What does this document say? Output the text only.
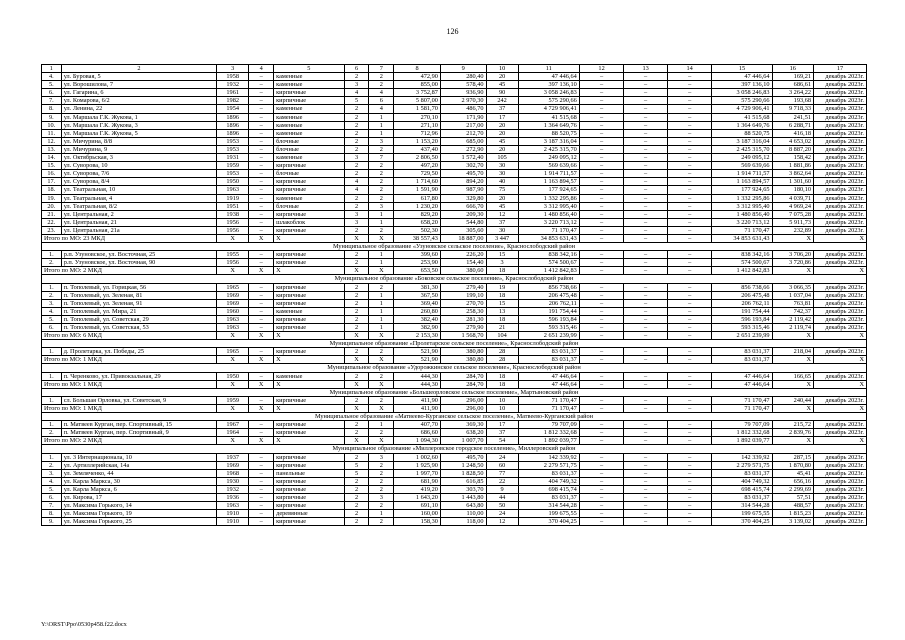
126
1	2	3	4	5	6	7	8	9	10	11	12	13	14	15	16	17
4.	ул. Буровая, 5	1958	–	каменные	2	2	472,90	280,40	20	47 446,64	–	–	–	47 446,64	169,21	декабрь 2023г.
5.	ул. Ворошилова, 7	1932	–	каменные	3	2	855,00	578,40	45	397 136,10	–	–	–	397 136,10	686,61	декабрь 2023г.
6.	ул. Гагарина, 6	1961	–	кирпичные	4	4	3 752,87	936,90	90	3 058 246,83	–	–	–	3 058 246,83	3 264,22	декабрь 2023г.
7.	ул. Комарова, 6/2	1982	–	кирпичные	5	6	5 807,00	2 970,30	242	575 290,66	–	–	–	575 290,66	193,68	декабрь 2023г.
8.	ул. Ленина, 22	1954	–	каменные	2	4	1 581,70	486,70	37	4 729 906,41	–	–	–	4 729 906,41	9 718,33	декабрь 2023г.
9.	ул. Маршала Г.К. Жукова, 1	1896	–	каменные	2	1	270,10	171,90	17	41 515,68	–	–	–	41 515,68	241,51	декабрь 2023г.
10.	ул. Маршала Г.К. Жукова, 3	1896	–	каменные	2	1	271,10	217,00	20	1 364 649,76	–	–	–	1 364 649,76	6 288,71	декабрь 2023г.
11.	ул. Маршала Г.К. Жукова, 5	1896	–	каменные	2	1	712,96	212,70	20	88 520,75	–	–	–	88 520,75	416,18	декабрь 2023г.
12.	ул. Мичурина, 8/8	1953	–	блочные	2	3	1 153,20	685,00	45	3 187 316,04	–	–	–	3 187 316,04	4 653,02	декабрь 2023г.
13.	ул. Мичурина, 9	1953	–	блочные	2	2	437,40	272,90	20	2 425 315,70	–	–	–	2 425 315,70	8 887,20	декабрь 2023г.
14.	ул. Октябрьская, 3	1931	–	каменные	3	7	2 806,50	1 572,40	105	249 095,12	–	–	–	249 095,12	158,42	декабрь 2023г.
15.	ул. Суворова, 10	1959	–	кирпичные	2	2	497,20	302,70	30	569 639,66	–	–	–	569 639,66	1 881,86	декабрь 2023г.
16.	ул. Суворова, 7/6	1953	–	блочные	2	2	729,50	495,70	30	1 914 711,57	–	–	–	1 914 711,57	3 862,64	декабрь 2023г.
17.	ул. Суворова, 8/4	1950	–	кирпичные	4	2	1 714,60	894,20	40	1 163 894,57	–	–	–	1 163 894,57	1 301,60	декабрь 2023г.
18.	ул. Театральная, 10	1963	–	кирпичные	4	2	1 591,90	987,90	75	177 924,65	–	–	–	177 924,65	180,10	декабрь 2023г.
19.	ул. Театральная, 4	1919	–	каменные	2	2	617,80	329,80	20	1 332 295,86	–	–	–	1 332 295,86	4 039,71	декабрь 2023г.
20.	ул. Театральная, 8/2	1951	–	блочные	2	3	1 230,20	666,70	45	3 312 995,40	–	–	–	3 312 995,40	4 969,24	декабрь 2023г.
21.	ул. Центральная, 2	1938	–	кирпичные	3	1	829,20	209,30	12	1 480 856,40	–	–	–	1 480 856,40	7 075,28	декабрь 2023г.
22.	ул. Центральная, 21	1956	–	шлакоблок	3	1	658,20	544,80	37	3 220 713,12	–	–	–	3 220 713,12	5 911,73	декабрь 2023г.
23.	ул. Центральная, 21а	1956	–	кирпичные	2	2	502,30	305,60	30	71 170,47	–	–	–	71 170,47	232,89	декабрь 2023г.
Итого по МО: 23 МКД		X	X	X	X	X	38 557,43	18 887,00	3 447	34 853 631,43	–	–	–	34 853 631,43	X	X
Муниципальное образование «Узуновское сельское поселение», Краснослободский район																
1.	р.п. Узуновское, ул. Восточная, 25	1955	–	кирпичные	2	1	399,60	226,20	15	838 342,16	–	–	–	838 342,16	3 706,20	декабрь 2023г.
2.	р.п. Узуновское, ул. Восточная, 90	1956	–	кирпичные	2	1	253,90	154,40	3	574 500,67	–	–	–	574 500,67	3 720,86	декабрь 2023г.
Итого по МО: 2 МКД		X	X	X	X	X	653,50	380,60	18	1 412 842,83	–	–	–	1 412 842,83	X	X
Муниципальное образование «Боковское сельское поселение», Краснослободский район																
1.	п. Тополевый, ул. Горицкая, 56	1965	–	кирпичные	2	2	381,30	279,40	19	856 738,66	–	–	–	856 738,66	3 066,35	декабрь 2023г.
2.	п. Тополевый, ул. Зеленая, 81	1969	–	кирпичные	2	1	367,50	199,10	18	206 475,48	–	–	–	206 475,48	1 037,04	декабрь 2023г.
3.	п. Тополевый, ул. Зеленая, 91	1969	–	кирпичные	2	1	369,40	270,70	15	206 762,11	–	–	–	206 762,11	763,81	декабрь 2023г.
4.	п. Тополевый, ул. Мира, 21	1960	–	каменные	2	1	260,80	258,30	13	191 754,44	–	–	–	191 754,44	742,37	декабрь 2023г.
5.	п. Тополевый, ул. Советская, 29	1963	–	кирпичные	2	1	382,40	281,30	18	596 193,84	–	–	–	596 193,84	2 119,42	декабрь 2023г.
6.	п. Тополевый, ул. Советская, 53	1963	–	кирпичные	2	1	382,90	279,90	21	593 315,46	–	–	–	593 315,46	2 119,74	декабрь 2023г.
Итого по МО: 6 МКД		X	X	X	X	X	2 153,30	1 568,70	104	2 651 239,99	–	–	–	2 651 239,99	X	X
Муниципальное образование «Пролетарское сельское поселение», Краснослободский район																
1.	д. Пролетарка, ул. Победы, 25	1965	–	кирпичные	2	2	521,90	380,80	28	83 031,37	–	–	–	83 031,37	218,04	декабрь 2023г.
Итого по МО: 1 МКД		X	X	X	X	X	521,90	380,80	28	83 031,37	–	–	–	83 031,37	X	X
Муниципальное образование «Удорожкинское сельское поселение», Краснослободский район																
1.	п. Черенково, ул. Привокзальная, 29	1950	–	каменные	2	2	444,30	284,70	18	47 446,64	–	–	–	47 446,64	166,65	декабрь 2023г.
Итого по МО: 1 МКД		X	X	X	X	X	444,30	284,70	18	47 446,64	–	–	–	47 446,64	X	X
Муниципальное образование «Большеорловское сельское поселение», Мартыновский район																
1.	сл. Большая Орловка, ул. Советская, 9	1959	–	кирпичные	2	2	411,90	296,00	10	71 170,47	–	–	–	71 170,47	240,44	декабрь 2023г.
Итого по МО: 1 МКД		X	X	X	X	X	411,90	296,00	10	71 170,47	–	–	–	71 170,47	X	X
Муниципальное образование «Матвеево-Курганское сельское поселение», Матвеево-Курганский район																
1.	п. Матвеев Курган, пер. Спортивный, 15	1967	–	кирпичные	2	1	407,70	369,30	17	79 707,09	–	–	–	79 707,09	215,72	декабрь 2023г.
2.	п. Матвеев Курган, пер. Спортивный, 9	1964	–	кирпичные	2	2	686,60	638,20	37	1 812 332,68	–	–	–	1 812 332,68	2 839,76	декабрь 2023г.
Итого по МО: 2 МКД		X	X	X	X	X	1 094,30	1 007,70	54	1 892 039,77	–	–	–	1 892 039,77	X	X
Муниципальное образование «Миллеровское городское поселение», Миллеровский район																
1.	ул. 3 Интернационала, 10	1937	–	кирпичные	2	3	1 002,60	495,70	24	142 339,92	–	–	–	142 339,92	287,15	декабрь 2023г.
2.	ул. Артиллерийская, 14а	1969	–	кирпичные	5	2	1 925,90	1 248,50	60	2 279 571,75	–	–	–	2 279 571,75	1 870,80	декабрь 2023г.
3.	ул. Земляченко, 44	1968	–	панельные	5	2	1 997,70	1 828,50	77	83 031,37	–	–	–	83 031,37	45,41	декабрь 2023г.
4.	ул. Карла Маркса, 30	1930	–	кирпичные	2	2	681,90	616,85	22	404 749,32	–	–	–	404 749,32	656,16	декабрь 2023г.
5.	ул. Карла Маркса, 6	1932	–	кирпичные	2	2	419,20	303,70	9	698 415,74	–	–	–	698 415,74	2 299,69	декабрь 2023г.
6.	ул. Кирова, 17	1936	–	кирпичные	2	3	1 643,20	1 443,80	44	83 031,37	–	–	–	83 031,37	57,51	декабрь 2023г.
7.	ул. Максима Горького, 14	1963	–	кирпичные	2	2	691,10	643,80	50	314 544,28	–	–	–	314 544,28	488,57	декабрь 2023г.
8.	ул. Максима Горького, 19	1910	–	деревянные	2	1	160,00	110,00	24	199 675,55	–	–	–	199 675,55	1 815,23	декабрь 2023г.
9.	ул. Максима Горького, 25	1910	–	кирпичные	2	2	158,30	118,00	12	370 404,25	–	–	–	370 404,25	3 139,02	декабрь 2023г.
Y:\ORST\Ppo\0530p458.f22.docx
